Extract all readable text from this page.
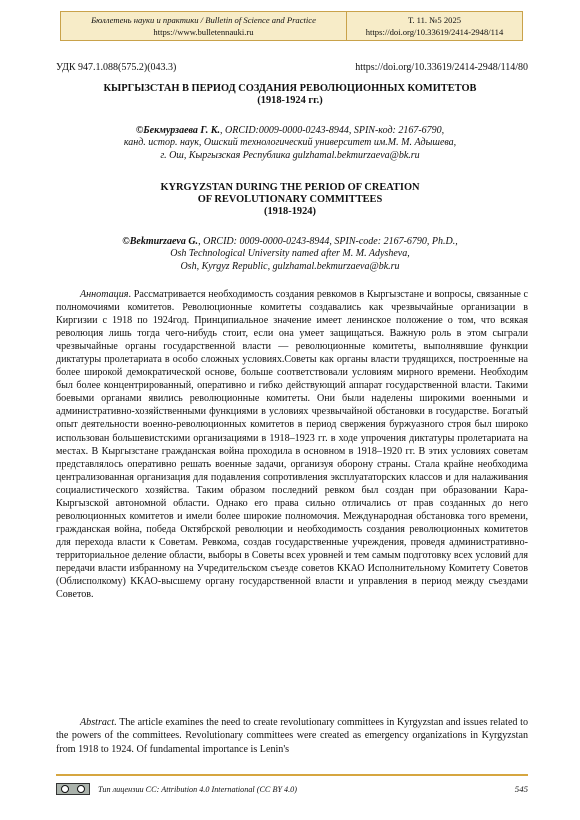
Бюллетень науки и практики / Bulletin of Science and Practice
https://www.bulletennauki.ru
Т. 11. №5 2025
https://doi.org/10.33619/2414-2948/114
УДК 947.1.088(575.2)(043.3)	https://doi.org/10.33619/2414-2948/114/80
КЫРГЫЗСТАН В ПЕРИОД СОЗДАНИЯ РЕВОЛЮЦИОННЫХ КОМИТЕТОВ
(1918-1924 гг.)
©Бекмурзаева Г. К., ORCID:0009-0000-0243-8944, SPIN-код: 2167-6790,
канд. истор. наук, Ошский технологический университет им.М. М. Адышева,
г. Ош, Кыргызская Республика gulzhamal.bekmurzaeva@bk.ru
KYRGYZSTAN DURING THE PERIOD OF CREATION
OF REVOLUTIONARY COMMITTEES
(1918-1924)
©Bekmurzaeva G., ORCID: 0009-0000-0243-8944, SPIN-code: 2167-6790, Ph.D.,
Osh Technological University named after M. M. Adysheva,
Osh, Kyrgyz Republic, gulzhamal.bekmurzaeva@bk.ru
Аннотация. Рассматривается необходимость создания ревкомов в Кыргызстане и вопросы, связанные с полномочиями комитетов. Революционные комитеты создавались как чрезвычайные организации в Киргизии с 1918 по 1924год. Принципиальное значение имеет ленинское положение о том, что всякая революция лишь тогда чего-нибудь стоит, если она умеет защищаться. Важную роль в этом сыграли чрезвычайные органы государственной власти — революционные комитеты, выполнявшие функции диктатуры пролетариата в особо сложных условиях.Советы как органы власти трудящихся, построенные на более широкой демократической основе, больше соответствовали условиям мирного времени. Необходим был более концентрированный, оперативно и гибко действующий аппарат государственной власти. Такими боевыми органами явились революционные комитеты. Они были наделены широкими военными и административно-хозяйственными функциями в условиях чрезвычайной обстановки в государстве. Богатый опыт деятельности военно-революционных комитетов в период свержения буржуазного строя был широко использован большевистскими организациями в 1918–1923 гг. в ходе упрочения диктатуры пролетариата на местах. В Кыргызстане гражданская война проходила в основном в 1918–1920 гг. В этих условиях советам представлялось оперативно решать военные задачи, организуя оборону страны. Стала крайне необходима централизованная организация для подавления сопротивления эксплуататорских классов и для налаживания социалистического хозяйства. Таким образом последний ревком был создан при образовании Кара-Кыргызской автономной области. Однако его права сильно отличались от прав созданных до него революционных комитетов и имели более широкие полномочия. Международная обстановка того времени, гражданская война, победа Октябрской революции и необходимость создания революционных комитетов для перехода власти к Советам. Ревкома, создав государственные учреждения, проведя административно-территориальное деление области, выборы в Советы всех уровней и тем самым подготовку всех условий для передачи власти избранному на Учредительском съезде советов ККАО Исполнительному Комитету Советов (Облисполкому) ККАО-высшему органу государственной власти и управления в период между съездами Советов.
Abstract. The article examines the need to create revolutionary committees in Kyrgyzstan and issues related to the powers of the committees. Revolutionary committees were created as emergency organizations in Kyrgyzstan from 1918 to 1924. Of fundamental importance is Lenin's
Тип лицензии CC: Attribution 4.0 International (CC BY 4.0)	545
